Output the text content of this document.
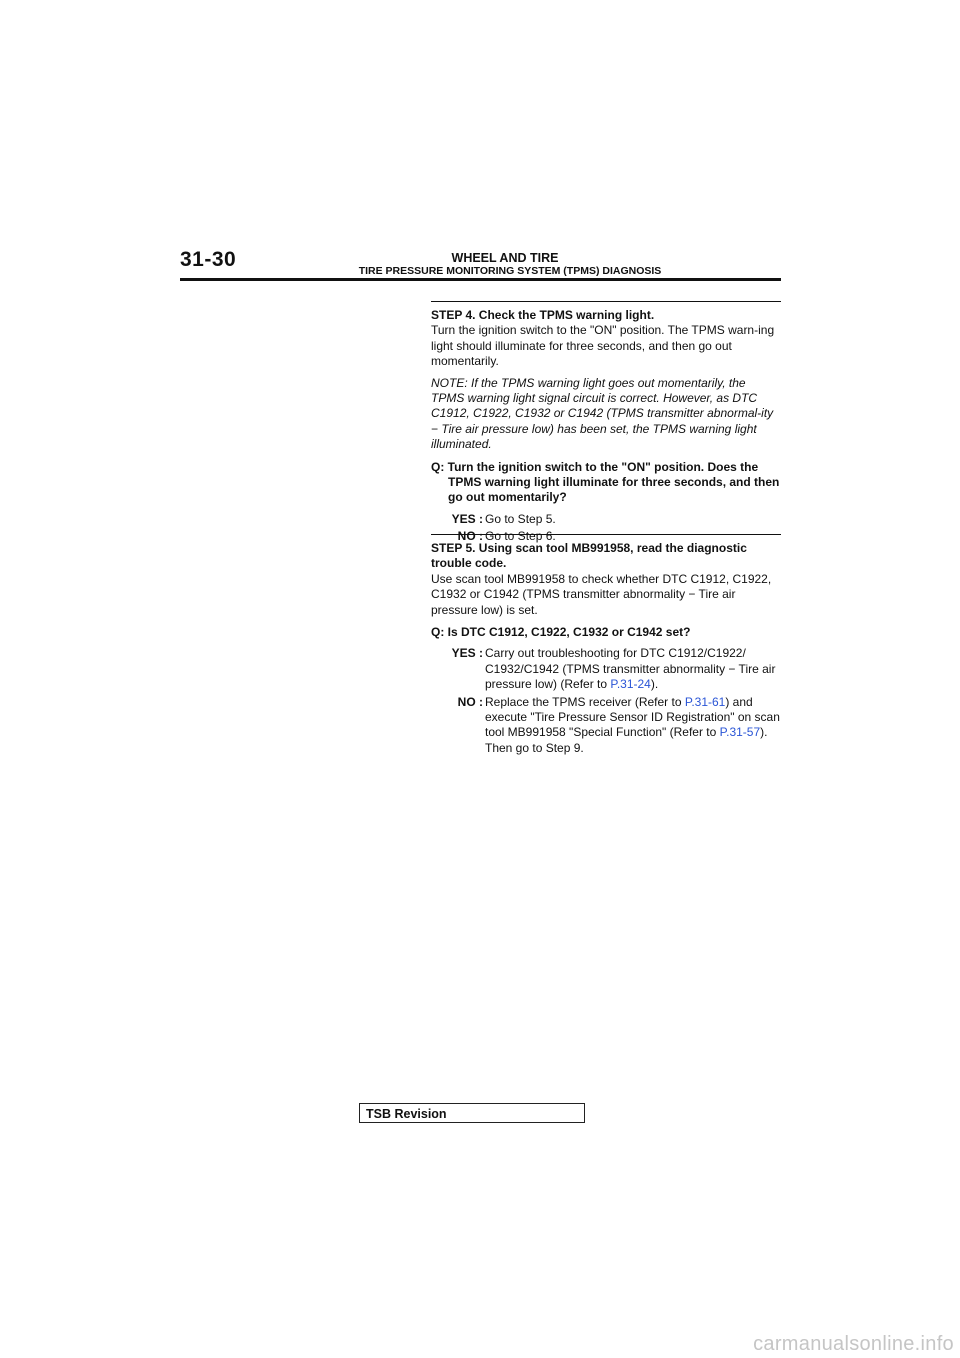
31-30	WHEEL AND TIRE
TIRE PRESSURE MONITORING SYSTEM (TPMS) DIAGNOSIS
STEP 4. Check the TPMS warning light.
Turn the ignition switch to the "ON" position. The TPMS warn-ing light should illuminate for three seconds, and then go out momentarily.
NOTE: If the TPMS warning light goes out momentarily, the TPMS warning light signal circuit is correct. However, as DTC C1912, C1922, C1932 or C1942 (TPMS transmitter abnormal-ity − Tire air pressure low) has been set, the TPMS warning light illuminated.
Q: Turn the ignition switch to the "ON" position. Does the TPMS warning light illuminate for three seconds, and then go out momentarily?
YES : Go to Step 5.
NO : Go to Step 6.
STEP 5. Using scan tool MB991958, read the diagnostic trouble code.
Use scan tool MB991958 to check whether DTC C1912, C1922, C1932 or C1942 (TPMS transmitter abnormality − Tire air pressure low) is set.
Q: Is DTC C1912, C1922, C1932 or C1942 set?
YES : Carry out troubleshooting for DTC C1912/C1922/ C1932/C1942 (TPMS transmitter abnormality − Tire air pressure low) (Refer to P.31-24).
NO : Replace the TPMS receiver (Refer to P.31-61) and execute "Tire Pressure Sensor ID Registration" on scan tool MB991958 "Special Function" (Refer to P.31-57). Then go to Step 9.
TSB Revision
carmanualsonline.info
